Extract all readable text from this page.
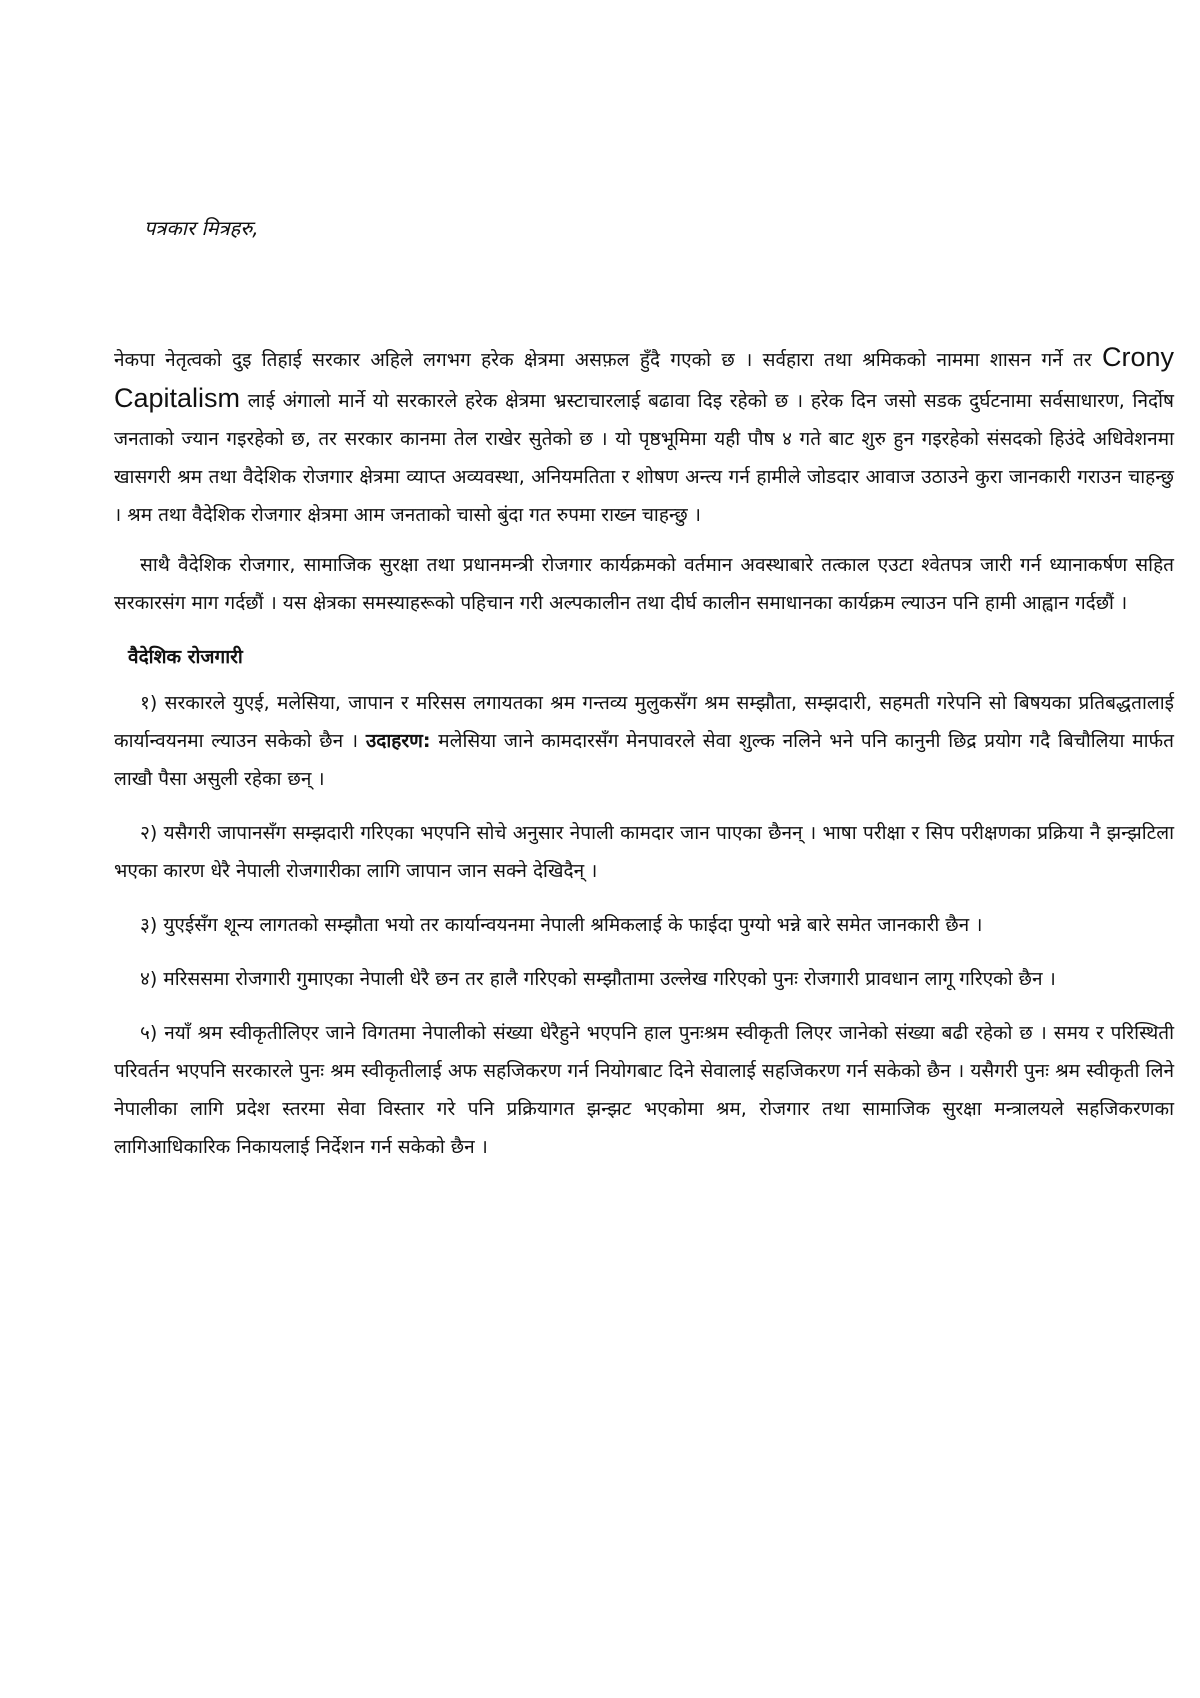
पत्रकार मित्रहरु,

नेकपा नेतृत्वको दुइ तिहाई सरकार अहिले लगभग हरेक क्षेत्रमा असफ़ल हुँदै गएको छ । सर्वहारा तथा श्रमिकको नाममा शासन गर्ने तर Crony Capitalism लाई अंगालो मार्ने यो सरकारले हरेक क्षेत्रमा भ्रस्टाचारलाई बढावा दिइ रहेको छ । हरेक दिन जसो सडक दुर्घटनामा सर्वसाधारण, निर्दोष जनताको ज्यान गइरहेको छ, तर सरकार कानमा तेल राखेर सुतेको छ । यो पृष्ठभूमिमा यही पौष ४ गते बाट शुरु हुन गइरहेको संसदको हिउंदे अधिवेशनमा खासगरी श्रम तथा वैदेशिक रोजगार क्षेत्रमा व्याप्त अव्यवस्था, अनियमतिता र शोषण अन्त्य गर्न हामीले जोडदार आवाज उठाउने कुरा जानकारी गराउन चाहन्छु । श्रम तथा वैदेशिक रोजगार क्षेत्रमा आम जनताको चासो बुंदा गत रुपमा राख्न चाहन्छु ।

साथै वैदेशिक रोजगार, सामाजिक सुरक्षा तथा प्रधानमन्त्री रोजगार कार्यक्रमको वर्तमान अवस्थाबारे तत्काल एउटा श्वेतपत्र जारी गर्न ध्यानाकर्षण सहित सरकारसंग माग गर्दछौं । यस क्षेत्रका समस्याहरूको पहिचान गरी अल्पकालीन तथा दीर्घ कालीन समाधानका कार्यक्रम ल्याउन पनि हामी आह्वान गर्दछौं ।

वैदेशिक रोजगारी

१) सरकारले युएई, मलेसिया, जापान र मरिसस लगायतका श्रम गन्तव्य मुलुकसँग श्रम सम्झौता, सम्झदारी, सहमती गरेपनि सो बिषयका प्रतिबद्धतालाई कार्यान्वयनमा ल्याउन सकेको छैन । उदाहरण: मलेसिया जाने कामदारसँग मेनपावरले सेवा शुल्क नलिने भने पनि कानुनी छिद्र प्रयोग गदै बिचौलिया मार्फत लाखौ पैसा असुली रहेका छन् ।

२) यसैगरी जापानसँग सम्झदारी गरिएका भएपनि सोचे अनुसार नेपाली कामदार जान पाएका छैनन् । भाषा परीक्षा र सिप परीक्षणका प्रक्रिया नै झन्झटिला भएका कारण धेरै नेपाली रोजगारीका लागि जापान जान सक्ने देखिदैन् ।

३) युएईसँग शून्य लागतको सम्झौता भयो तर कार्यान्वयनमा नेपाली श्रमिकलाई के फाईदा पुग्यो भन्ने बारे समेत जानकारी छैन ।

४) मरिससमा रोजगारी गुमाएका नेपाली धेरै छन तर हालै गरिएको सम्झौतामा उल्लेख गरिएको पुनः रोजगारी प्रावधान लागू गरिएको छैन ।

५) नयाँ श्रम स्वीकृतीलिएर जाने विगतमा नेपालीको संख्या धेरैहुने भएपनि हाल पुनःश्रम स्वीकृती लिएर जानेको संख्या बढी रहेको छ । समय र परिस्थिती परिवर्तन भएपनि सरकारले पुनः श्रम स्वीकृतीलाई अफ सहजिकरण गर्न नियोगबाट दिने सेवालाई सहजिकरण गर्न सकेको छैन । यसैगरी पुनः श्रम स्वीकृती लिने नेपालीका लागि प्रदेश स्तरमा सेवा विस्तार गरे पनि प्रक्रियागत झन्झट भएकोमा श्रम, रोजगार तथा सामाजिक सुरक्षा मन्त्रालयले सहजिकरणका लागिआधिकारिक निकायलाई निर्देशन गर्न सकेको छैन ।
